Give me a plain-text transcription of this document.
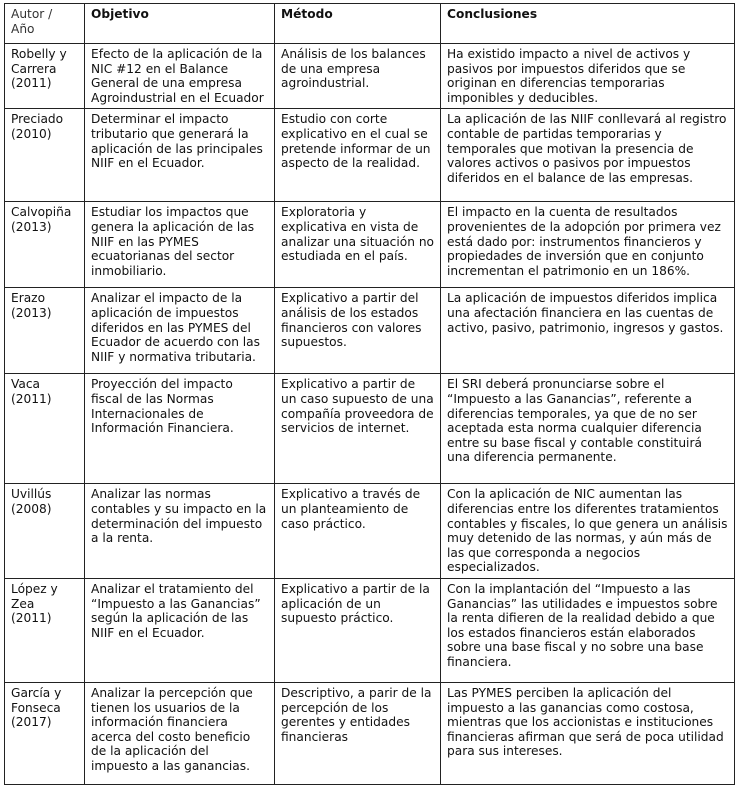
Autor / Año	Objetivo	Método	Conclusiones
Robelly y Carrera (2011)	Efecto de la aplicación de la NIC #12 en el Balance General de una empresa Agroindustrial en el Ecuador	Análisis de los balances de una empresa agroindustrial.	Ha existido impacto a nivel de activos y pasivos por impuestos diferidos que se originan en diferencias temporarias imponibles y deducibles.
Preciado (2010)	Determinar el impacto tributario que generará la aplicación de las principales NIIF en el Ecuador.	Estudio con corte explicativo en el cual se pretende informar de un aspecto de la realidad.	La aplicación de las NIIF conllevará al registro contable de partidas temporarias y temporales que motivan la presencia de valores activos o pasivos por impuestos diferidos en el balance de las empresas.
Calvopiña (2013)	Estudiar los impactos que genera la aplicación de las NIIF en las PYMES ecuatorianas del sector inmobiliario.	Exploratoria y explicativa en vista de analizar una situación no estudiada en el país.	El impacto en la cuenta de resultados provenientes de la adopción por primera vez está dado por: instrumentos financieros y propiedades de inversión que en conjunto incrementan el patrimonio en un 186%.
Erazo (2013)	Analizar el impacto de la aplicación de impuestos diferidos en las PYMES del Ecuador de acuerdo con las NIIF y normativa tributaria.	Explicativo a partir del análisis de los estados financieros con valores supuestos.	La aplicación de impuestos diferidos implica una afectación financiera en las cuentas de activo, pasivo, patrimonio, ingresos y gastos.
Vaca (2011)	Proyección del impacto fiscal de las Normas Internacionales de Información Financiera.	Explicativo a partir de un caso supuesto de una compañía proveedora de servicios de internet.	El SRI deberá pronunciarse sobre el “Impuesto a las Ganancias”, referente a diferencias temporales, ya que de no ser aceptada esta norma cualquier diferencia entre su base fiscal y contable constituirá una diferencia permanente.
Uvillús (2008)	Analizar las normas contables y su impacto en la determinación del impuesto a la renta.	Explicativo a través de un planteamiento de caso práctico.	Con la aplicación de NIC aumentan las diferencias entre los diferentes tratamientos contables y fiscales, lo que genera un análisis muy detenido de las normas, y aún más de las que corresponda a negocios especializados.
López y Zea (2011)	Analizar el tratamiento del “Impuesto a las Ganancias” según la aplicación de las NIIF en el Ecuador.	Explicativo a partir de la aplicación de un supuesto práctico.	Con la implantación del “Impuesto a las Ganancias” las utilidades e impuestos sobre la renta difieren de la realidad debido a que los estados financieros están elaborados sobre una base fiscal y no sobre una base financiera.
García y Fonseca (2017)	Analizar la percepción que tienen los usuarios de la información financiera acerca del costo beneficio de la aplicación del impuesto a las ganancias.	Descriptivo, a parir de la percepción de los gerentes y entidades financieras	Las PYMES perciben la aplicación del impuesto a las ganancias como costosa, mientras que los accionistas e instituciones financieras afirman que será de poca utilidad para sus intereses.
